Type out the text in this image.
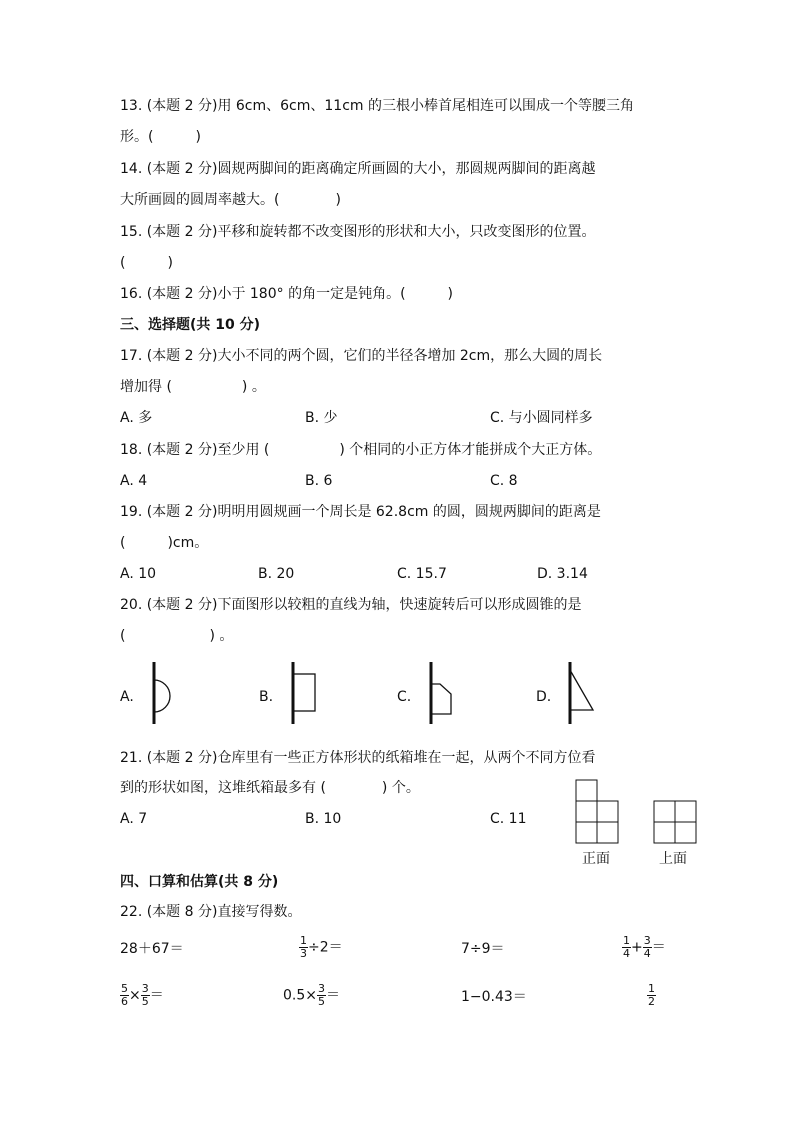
13. (本题 2 分)用 6cm、6cm、11cm 的三根小棒首尾相连可以围成一个等腰三角
形。(　　　)
14. (本题 2 分)圆规两脚间的距离确定所画圆的大小，那圆规两脚间的距离越
大所画圆的圆周率越大。(　　　　)
15. (本题 2 分)平移和旋转都不改变图形的形状和大小，只改变图形的位置。
(　　　)
16. (本题 2 分)小于 180° 的角一定是钝角。(　　　)
三、选择题(共 10 分)
17. (本题 2 分)大小不同的两个圆，它们的半径各增加 2cm，那么大圆的周长
增加得 (　　　　　) 。
A. 多	B. 少	C. 与小圆同样多
18. (本题 2 分)至少用 (　　　　　) 个相同的小正方体才能拼成个大正方体。
A. 4	B. 6	C. 8
19. (本题 2 分)明明用圆规画一个周长是 62.8cm 的圆，圆规两脚间的距离是
(　　　)cm。
A. 10	B. 20	C. 15.7	D. 3.14
20. (本题 2 分)下面图形以较粗的直线为轴，快速旋转后可以形成圆锥的是
(　　　　　　) 。
A.	B.	C.	D.
21. (本题 2 分)仓库里有一些正方体形状的纸箱堆在一起，从两个不同方位看
到的形状如图，这堆纸箱最多有 (　　　　) 个。
A. 7	B. 10	C. 11
正面	上面
四、口算和估算(共 8 分)
22. (本题 8 分)直接写得数。
28＋67＝	$\frac{1}{3} \div 2=$	7÷9＝	$\frac{1}{4} + \frac{3}{4}$ ＝
$\frac{5}{6} \times \frac{3}{5}$ ＝	$0.5\times \frac{3}{5}$ ＝	1−0.43＝	$\frac{1}{2}$
